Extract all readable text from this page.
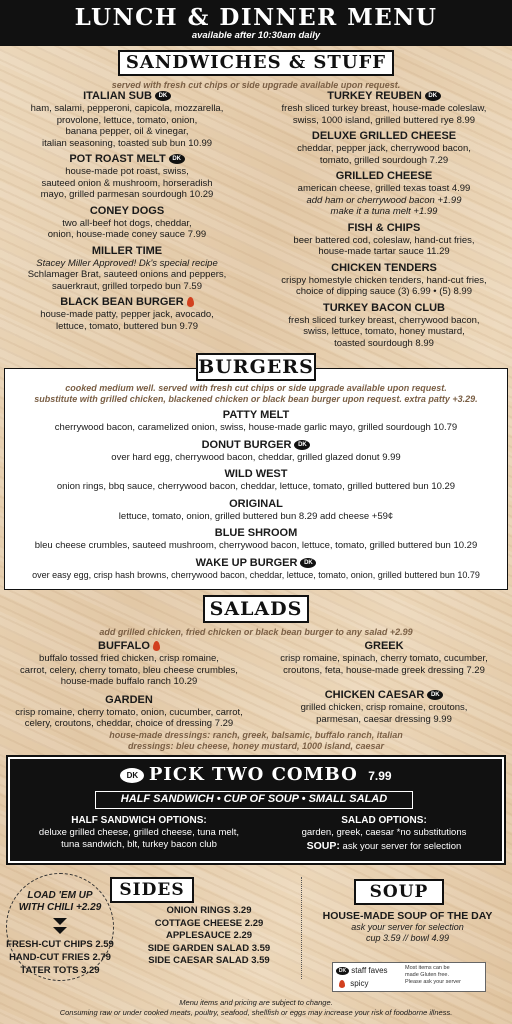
LUNCH & DINNER MENU
available after 10:30am daily
SANDWICHES & STUFF
served with fresh cut chips or side upgrade available upon request.
ITALIAN SUB DK
ham, salami, pepperoni, capicola, mozzarella,
provolone, lettuce, tomato, onion,
banana pepper, oil & vinegar,
italian seasoning, toasted sub bun 10.99
POT ROAST MELT DK
house-made pot roast, swiss,
sauteed onion & mushroom, horseradish
mayo, grilled parmesan sourdough 10.29
CONEY DOGS
two all-beef hot dogs, cheddar,
onion, house-made coney sauce 7.99
MILLER TIME
Stacey Miller Approved! Dk's special recipe
Schlamager Brat, sauteed onions and peppers,
sauerkraut, grilled torpedo bun 7.59
BLACK BEAN BURGER
house-made patty, pepper jack, avocado,
lettuce, tomato, buttered bun 9.79
TURKEY REUBEN DK
fresh sliced turkey breast, house-made coleslaw,
swiss, 1000 island, grilled buttered rye 8.99
DELUXE GRILLED CHEESE
cheddar, pepper jack, cherrywood bacon,
tomato, grilled sourdough 7.29
GRILLED CHEESE
american cheese, grilled texas toast 4.99
add ham or cherrywood bacon +1.99
make it a tuna melt +1.99
FISH & CHIPS
beer battered cod, coleslaw, hand-cut fries,
house-made tartar sauce 11.29
CHICKEN TENDERS
crispy homestyle chicken tenders, hand-cut fries,
choice of dipping sauce (3) 6.99 • (5) 8.99
TURKEY BACON CLUB
fresh sliced turkey breast, cherrywood bacon,
swiss, lettuce, tomato, honey mustard,
toasted sourdough 8.99
BURGERS
cooked medium well. served with fresh cut chips or side upgrade available upon request.
substitute with grilled chicken, blackened chicken or black bean burger upon request. extra patty +3.29.
PATTY MELT
cherrywood bacon, caramelized onion, swiss, house-made garlic mayo, grilled sourdough 10.79
DONUT BURGER DK
over hard egg, cherrywood bacon, cheddar, grilled glazed donut 9.99
WILD WEST
onion rings, bbq sauce, cherrywood bacon, cheddar, lettuce, tomato, grilled buttered bun 10.29
ORIGINAL
lettuce, tomato, onion, grilled buttered bun 8.29 add cheese +59¢
BLUE SHROOM
bleu cheese crumbles, sauteed mushroom, cherrywood bacon, lettuce, tomato, grilled buttered bun 10.29
WAKE UP BURGER DK
over easy egg, crisp hash browns, cherrywood bacon, cheddar, lettuce, tomato, onion, grilled buttered bun 10.79
SALADS
add grilled chicken, fried chicken or black bean burger to any salad +2.99
BUFFALO
buffalo tossed fried chicken, crisp romaine,
carrot, celery, cherry tomato, bleu cheese crumbles,
house-made buffalo ranch 10.29
GARDEN
crisp romaine, cherry tomato, onion, cucumber, carrot,
celery, croutons, cheddar, choice of dressing 7.29
GREEK
crisp romaine, spinach, cherry tomato, cucumber,
croutons, feta, house-made greek dressing 7.29
CHICKEN CAESAR DK
grilled chicken, crisp romaine, croutons,
parmesan, caesar dressing 9.99
house-made dressings: ranch, greek, balsamic, buffalo ranch, italian
dressings: bleu cheese, honey mustard, 1000 island, caesar
DK PICK TWO COMBO 7.99
HALF SANDWICH • CUP OF SOUP • SMALL SALAD
HALF SANDWICH OPTIONS:
deluxe grilled cheese, grilled cheese, tuna melt,
tuna sandwich, blt, turkey bacon club
SALAD OPTIONS:
garden, greek, caesar *no substitutions
SOUP: ask your server for selection
LOAD 'EM UP
WITH CHILI +2.29
FRESH-CUT CHIPS 2.59
HAND-CUT FRIES 2.79
TATER TOTS 3.29
SIDES
ONION RINGS 3.29
COTTAGE CHEESE 2.29
APPLESAUCE 2.29
SIDE GARDEN SALAD 3.59
SIDE CAESAR SALAD 3.59
SOUP
HOUSE-MADE SOUP OF THE DAY
ask your server for selection
cup 3.59 // bowl 4.99
DK staff faves
spicy
Most items can be
made Gluten free.
Please ask your server
Menu items and pricing are subject to change.
Consuming raw or under cooked meats, poultry, seafood, shellfish or eggs may increase your risk of foodborne illness.
